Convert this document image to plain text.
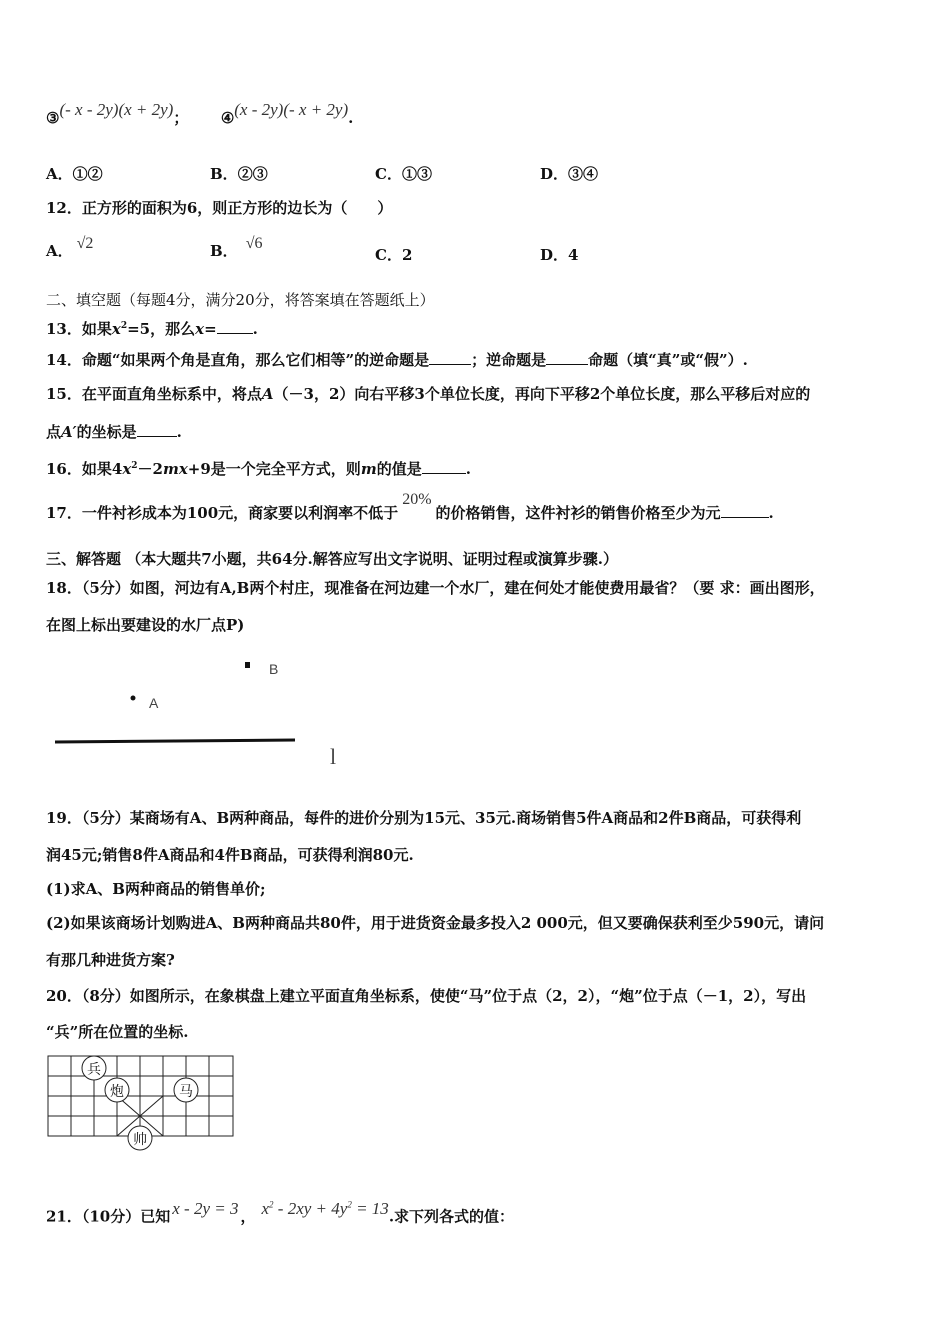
③(- x - 2y)(x + 2y)； ④(x - 2y)(- x + 2y).
A．①②	B．②③	C．①③	D．③④
12．正方形的面积为6，则正方形的边长为（　　）
A． √2	B． √6
C．2	D．4
二、填空题（每题4分，满分20分，将答案填在答题纸上）
13．如果$x^2=5$，那么x= .
14．命题“如果两个角是直角，那么它们相等”的逆命题是	；逆命题是	命题（填“真”或“假”）.
15．在平面直角坐标系中，将点A（－3，2）向右平移3个单位长度，再向下平移2个单位长度，那么平移后对应的
点A′的坐标是	.
16．如果$4x^2-2mx+9$是一个完全平方式，则m的值是	.
17．一件衬衫成本为100元，商家要以利润率不低于20%的价格销售，这件衬衫的销售价格至少为元	.
三、解答题 （本大题共7小题，共64分.解答应写出文字说明、证明过程或演算步骤.）
18．（5分）如图，河边有A,B两个村庄，现准备在河边建一个水厂，建在何处才能使费用最省？（要 求：画出图形，
在图上标出要建设的水厂点P)
B
A
l
19．（5分）某商场有A、B两种商品，每件的进价分别为15元、35元.商场销售5件A商品和2件B商品，可获得利
润45元;销售8件A商品和4件B商品，可获得利润80元.
(1)求A、B两种商品的销售单价;
(2)如果该商场计划购进A、B两种商品共80件，用于进货资金最多投入2 000元，但又要确保获利至少590元，请问
有那几种进货方案?
20．（8分）如图所示，在象棋盘上建立平面直角坐标系，使使“马”位于点（2，2），“炮”位于点（－1，2），写出
“兵”所在位置的坐标.
兵
炮	马
帅
21．（10分）已知 x - 2y = 3 ， $x^2 - 2xy + 4y^2 = 13$.求下列各式的值：
